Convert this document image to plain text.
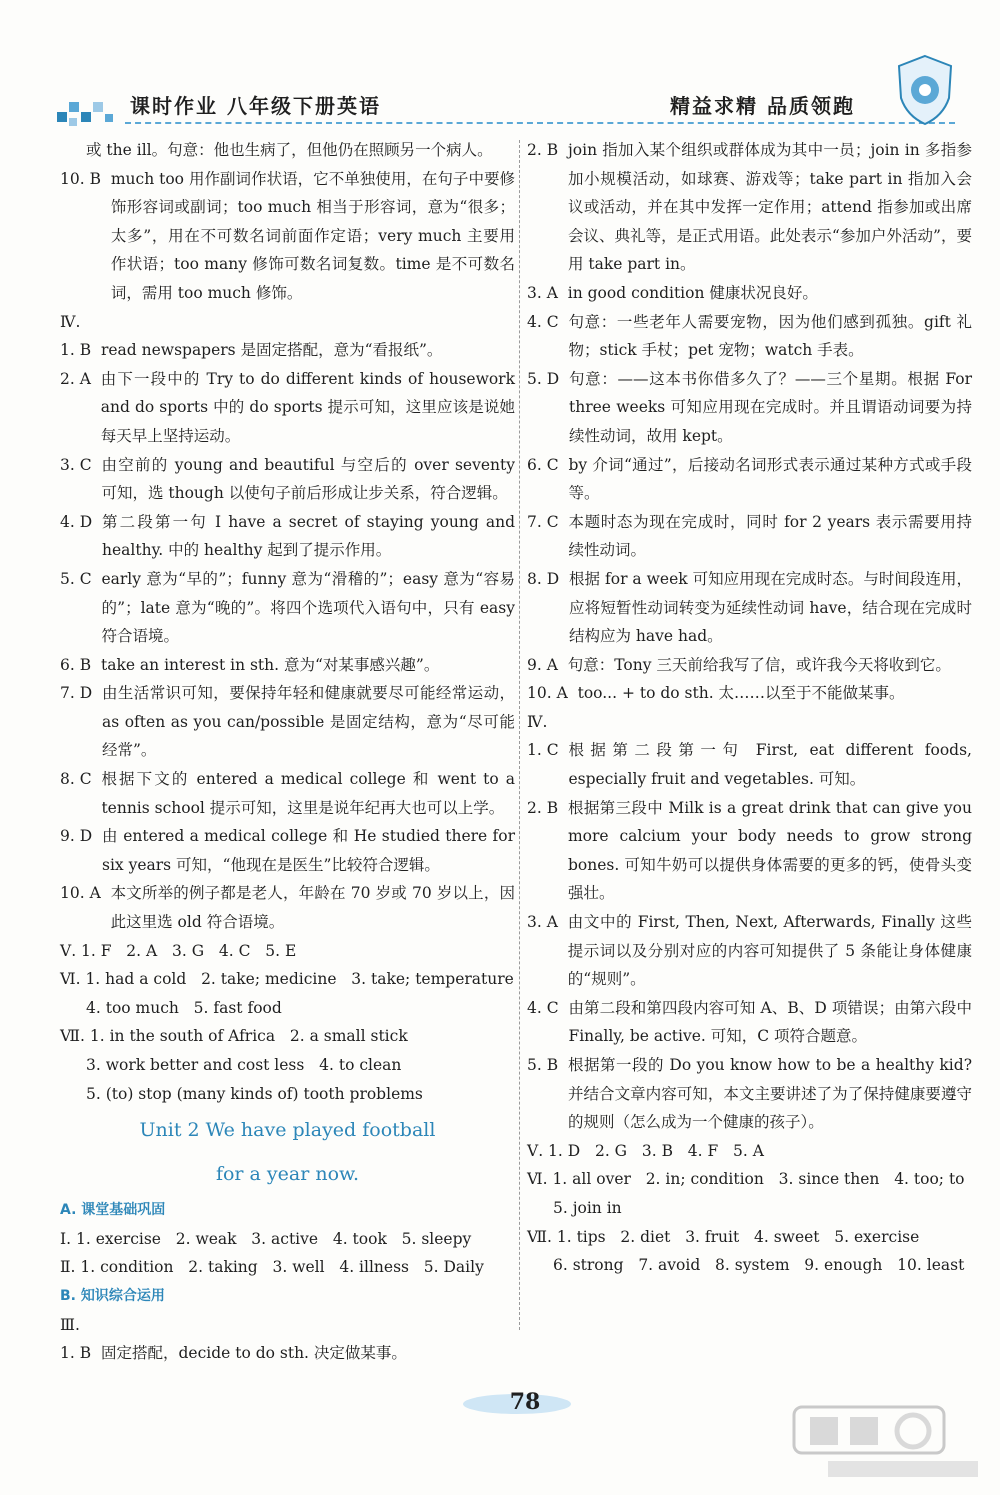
课时作业 八年级下册英语	精益求精 品质领跑
或 the ill。句意：他也生病了，但他仍在照顾另一个病人。
10. B much too 用作副词作状语，它不单独使用，在句子中要修饰形容词或副词；too much 相当于形容词，意为“很多；太多”，用在不可数名词前面作定语；very much 主要用作状语；too many 修饰可数名词复数。time 是不可数名词，需用 too much 修饰。
Ⅳ.
1. B read newspapers 是固定搭配，意为“看报纸”。
2. A 由下一段中的 Try to do different kinds of housework and do sports 中的 do sports 提示可知，这里应该是说她每天早上坚持运动。
3. C 由空前的 young and beautiful 与空后的 over seventy 可知，选 though 以使句子前后形成让步关系，符合逻辑。
4. D 第二段第一句 I have a secret of staying young and healthy. 中的 healthy 起到了提示作用。
5. C early 意为“早的”；funny 意为“滑稽的”；easy 意为“容易的”；late 意为“晚的”。将四个选项代入语句中，只有 easy 符合语境。
6. B take an interest in sth. 意为“对某事感兴趣”。
7. D 由生活常识可知，要保持年轻和健康就要尽可能经常运动，as often as you can/possible 是固定结构，意为“尽可能经常”。
8. C 根据下文的 entered a medical college 和 went to a tennis school 提示可知，这里是说年纪再大也可以上学。
9. D 由 entered a medical college 和 He studied there for six years 可知，“他现在是医生”比较符合逻辑。
10. A 本文所举的例子都是老人，年龄在 70 岁或 70 岁以上，因此这里选 old 符合语境。
Ⅴ. 1. F   2. A   3. G   4. C   5. E
Ⅵ. 1. had a cold   2. take; medicine   3. take; temperature
4. too much   5. fast food
Ⅶ. 1. in the south of Africa   2. a small stick
3. work better and cost less   4. to clean
5. (to) stop (many kinds of) tooth problems
Unit 2 We have played football
for a year now.
A. 课堂基础巩固
Ⅰ. 1. exercise   2. weak   3. active   4. took   5. sleepy
Ⅱ. 1. condition   2. taking   3. well   4. illness   5. Daily
B. 知识综合运用
Ⅲ.
1. B 固定搭配，decide to do sth. 决定做某事。
2. B join 指加入某个组织或群体成为其中一员；join in 多指参加小规模活动，如球赛、游戏等；take part in 指加入会议或活动，并在其中发挥一定作用；attend 指参加或出席会议、典礼等，是正式用语。此处表示“参加户外活动”，要用 take part in。
3. A in good condition 健康状况良好。
4. C 句意：一些老年人需要宠物，因为他们感到孤独。gift 礼物；stick 手杖；pet 宠物；watch 手表。
5. D 句意：——这本书你借多久了？——三个星期。根据 For three weeks 可知应用现在完成时。并且谓语动词要为持续性动词，故用 kept。
6. C by 介词“通过”，后接动名词形式表示通过某种方式或手段等。
7. C 本题时态为现在完成时，同时 for 2 years 表示需要用持续性动词。
8. D 根据 for a week 可知应用现在完成时态。与时间段连用，应将短暂性动词转变为延续性动词 have，结合现在完成时结构应为 have had。
9. A 句意：Tony 三天前给我写了信，或许我今天将收到它。
10. A too... + to do sth. 太……以至于不能做某事。
Ⅳ.
1. C 根据第二段第一句 First, eat different foods, especially fruit and vegetables. 可知。
2. B 根据第三段中 Milk is a great drink that can give you more calcium your body needs to grow strong bones. 可知牛奶可以提供身体需要的更多的钙，使骨头变强壮。
3. A 由文中的 First, Then, Next, Afterwards, Finally 这些提示词以及分别对应的内容可知提供了 5 条能让身体健康的“规则”。
4. C 由第二段和第四段内容可知 A、B、D 项错误；由第六段中 Finally, be active. 可知，C 项符合题意。
5. B 根据第一段的 Do you know how to be a healthy kid? 并结合文章内容可知，本文主要讲述了为了保持健康要遵守的规则（怎么成为一个健康的孩子）。
Ⅴ. 1. D   2. G   3. B   4. F   5. A
Ⅵ. 1. all over   2. in; condition   3. since then   4. too; to
5. join in
Ⅶ. 1. tips   2. diet   3. fruit   4. sweet   5. exercise
6. strong   7. avoid   8. system   9. enough   10. least
78
